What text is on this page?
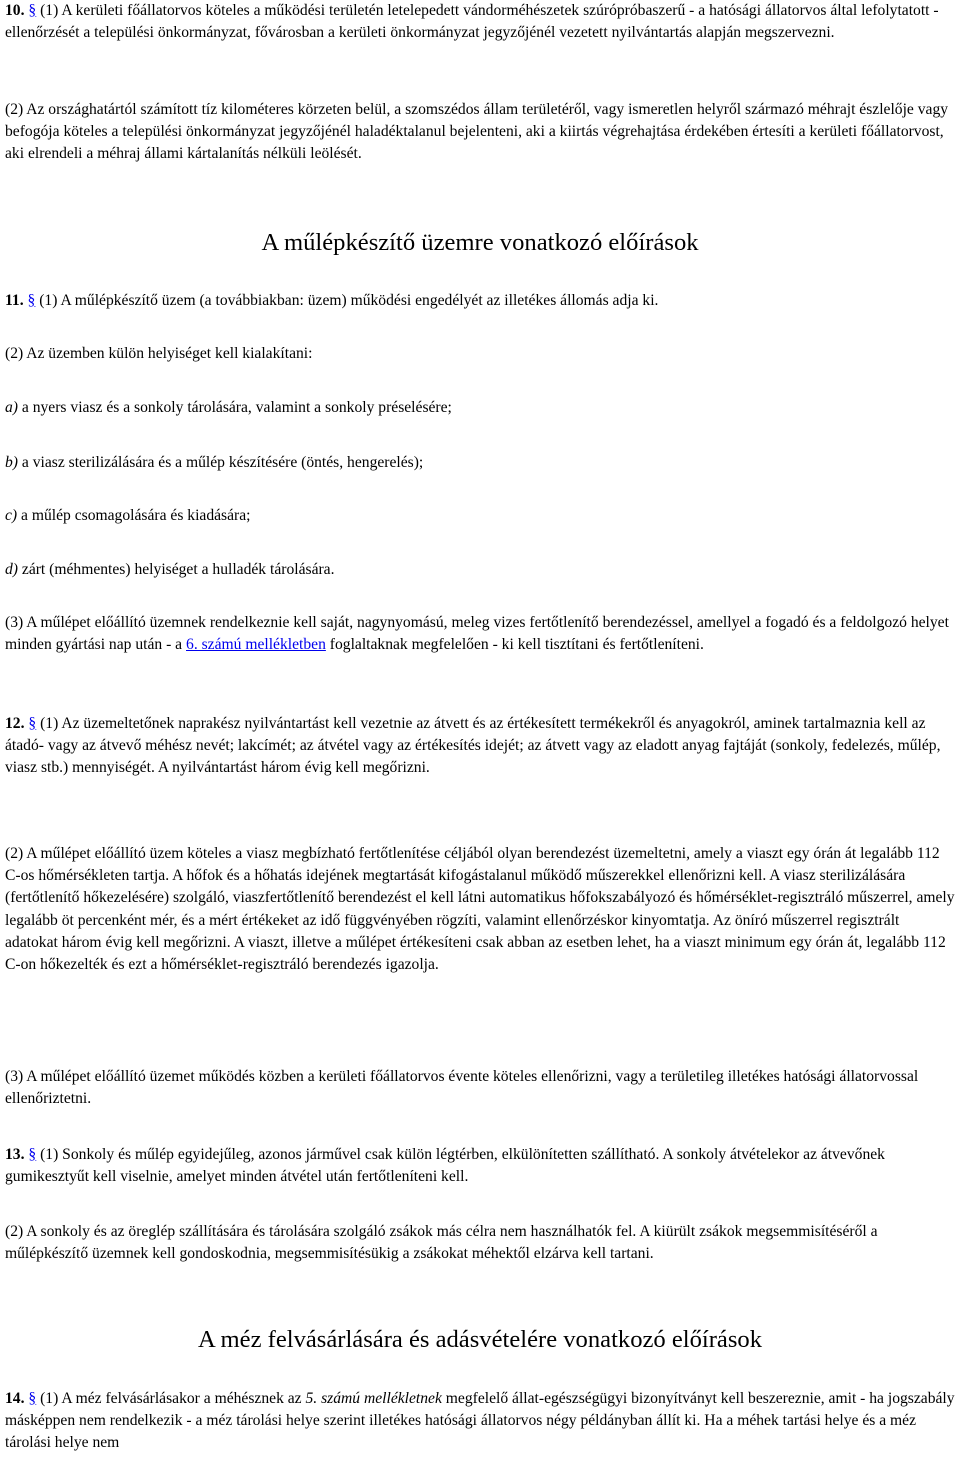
10. § (1) A kerületi főállatorvos köteles a működési területén letelepedett vándorméhészetek szúrópróbaszerű - a hatósági állatorvos által lefolytatott - ellenőrzését a települési önkormányzat, fővárosban a kerületi önkormányzat jegyzőjénél vezetett nyilvántartás alapján megszervezni.

(2) Az országhatártól számított tíz kilométeres körzeten belül, a szomszédos állam területéről, vagy ismeretlen helyről származó méhrajt észlelője vagy befogója köteles a települési önkormányzat jegyzőjénél haladéktalanul bejelenteni, aki a kiirtás végrehajtása érdekében értesíti a kerületi főállatorvost, aki elrendeli a méhraj állami kártalanítás nélküli leölését.

A műlépkészítő üzemre vonatkozó előírások

11. § (1) A műlépkészítő üzem (a továbbiakban: üzem) működési engedélyét az illetékes állomás adja ki.

(2) Az üzemben külön helyiséget kell kialakítani:

a) a nyers viasz és a sonkoly tárolására, valamint a sonkoly préselésére;

b) a viasz sterilizálására és a műlép készítésére (öntés, hengerelés);

c) a műlép csomagolására és kiadására;

d) zárt (méhmentes) helyiséget a hulladék tárolására.

(3) A műlépet előállító üzemnek rendelkeznie kell saját, nagynyomású, meleg vizes fertőtlenítő berendezéssel, amellyel a fogadó és a feldolgozó helyet minden gyártási nap után - a 6. számú mellékletben foglaltaknak megfelelően - ki kell tisztítani és fertőtleníteni.

12. § (1) Az üzemeltetőnek naprakész nyilvántartást kell vezetnie az átvett és az értékesített termékekről és anyagokról, aminek tartalmaznia kell az átadó- vagy az átvevő méhész nevét; lakcímét; az átvétel vagy az értékesítés idejét; az átvett vagy az eladott anyag fajtáját (sonkoly, fedelezés, műlép, viasz stb.) mennyiségét. A nyilvántartást három évig kell megőrizni.

(2) A műlépet előállító üzem köteles a viasz megbízható fertőtlenítése céljából olyan berendezést üzemeltetni, amely a viaszt egy órán át legalább 112 C-os hőmérsékleten tartja. A hőfok és a hőhatás idejének megtartását kifogástalanul működő műszerekkel ellenőrizni kell. A viasz sterilizálására (fertőtlenítő hőkezelésére) szolgáló, viaszfertőtlenítő berendezést el kell látni automatikus hőfokszabályozó és hőmérséklet-regisztráló műszerrel, amely legalább öt percenként mér, és a mért értékeket az idő függvényében rögzíti, valamint ellenőrzéskor kinyomtatja. Az öníró műszerrel regisztrált adatokat három évig kell megőrizni. A viaszt, illetve a műlépet értékesíteni csak abban az esetben lehet, ha a viaszt minimum egy órán át, legalább 112 C-on hőkezelték és ezt a hőmérséklet-regisztráló berendezés igazolja.

(3) A műlépet előállító üzemet működés közben a kerületi főállatorvos évente köteles ellenőrizni, vagy a területileg illetékes hatósági állatorvossal ellenőriztetni.

13. § (1) Sonkoly és műlép egyidejűleg, azonos járművel csak külön légtérben, elkülönítetten szállítható. A sonkoly átvételekor az átvevőnek gumikesztyűt kell viselnie, amelyet minden átvétel után fertőtleníteni kell.

(2) A sonkoly és az öreglép szállítására és tárolására szolgáló zsákok más célra nem használhatók fel. A kiürült zsákok megsemmisítéséről a műlépkészítő üzemnek kell gondoskodnia, megsemmisítésükig a zsákokat méhektől elzárva kell tartani.

A méz felvásárlására és adásvételére vonatkozó előírások

14. § (1) A méz felvásárlásakor a méhésznek az 5. számú mellékletnek megfelelő állat-egészségügyi bizonyítványt kell beszereznie, amit - ha jogszabály másképpen nem rendelkezik - a méz tárolási helye szerint illetékes hatósági állatorvos négy példányban állít ki. Ha a méhek tartási helye és a méz tárolási helye nem
